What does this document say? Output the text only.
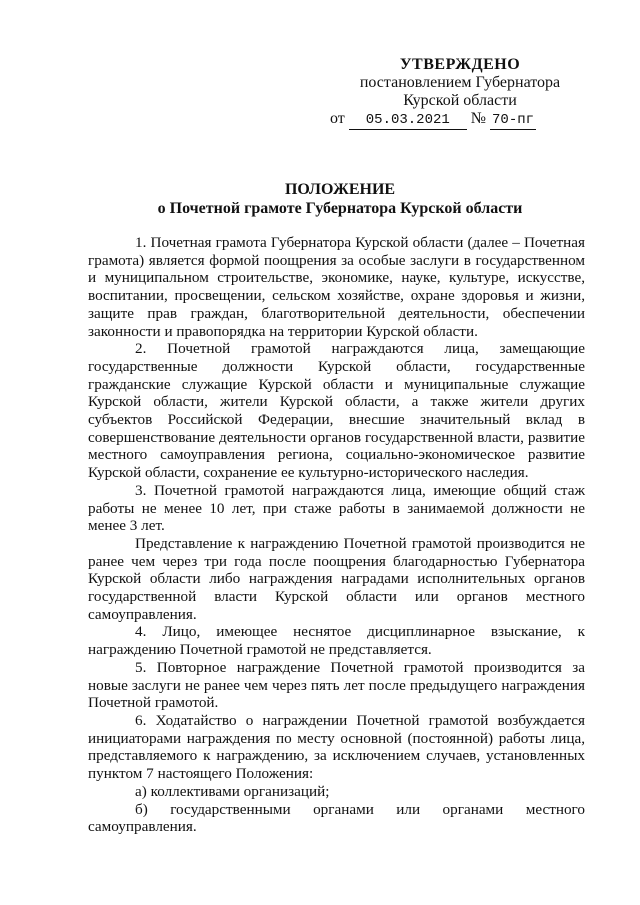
УТВЕРЖДЕНО
постановлением Губернатора
Курской области
от 05.03.2021 № 70-пг
ПОЛОЖЕНИЕ
о Почетной грамоте Губернатора Курской области

1. Почетная грамота Губернатора Курской области (далее – Почетная грамота) является формой поощрения за особые заслуги в государственном и муниципальном строительстве, экономике, науке, культуре, искусстве, воспитании, просвещении, сельском хозяйстве, охране здоровья и жизни, защите прав граждан, благотворительной деятельности, обеспечении законности и правопорядка на территории Курской области.

2. Почетной грамотой награждаются лица, замещающие государственные должности Курской области, государственные гражданские служащие Курской области и муниципальные служащие Курской области, жители Курской области, а также жители других субъектов Российской Федерации, внесшие значительный вклад в совершенствование деятельности органов государственной власти, развитие местного самоуправления региона, социально-экономическое развитие Курской области, сохранение ее культурно-исторического наследия.

3. Почетной грамотой награждаются лица, имеющие общий стаж работы не менее 10 лет, при стаже работы в занимаемой должности не менее 3 лет.

Представление к награждению Почетной грамотой производится не ранее чем через три года после поощрения благодарностью Губернатора Курской области либо награждения наградами исполнительных органов государственной власти Курской области или органов местного самоуправления.

4. Лицо, имеющее неснятое дисциплинарное взыскание, к награждению Почетной грамотой не представляется.

5. Повторное награждение Почетной грамотой производится за новые заслуги не ранее чем через пять лет после предыдущего награждения Почетной грамотой.

6. Ходатайство о награждении Почетной грамотой возбуждается инициаторами награждения по месту основной (постоянной) работы лица, представляемого к награждению, за исключением случаев, установленных пунктом 7 настоящего Положения:

а) коллективами организаций;

б) государственными органами или органами местного самоуправления.
